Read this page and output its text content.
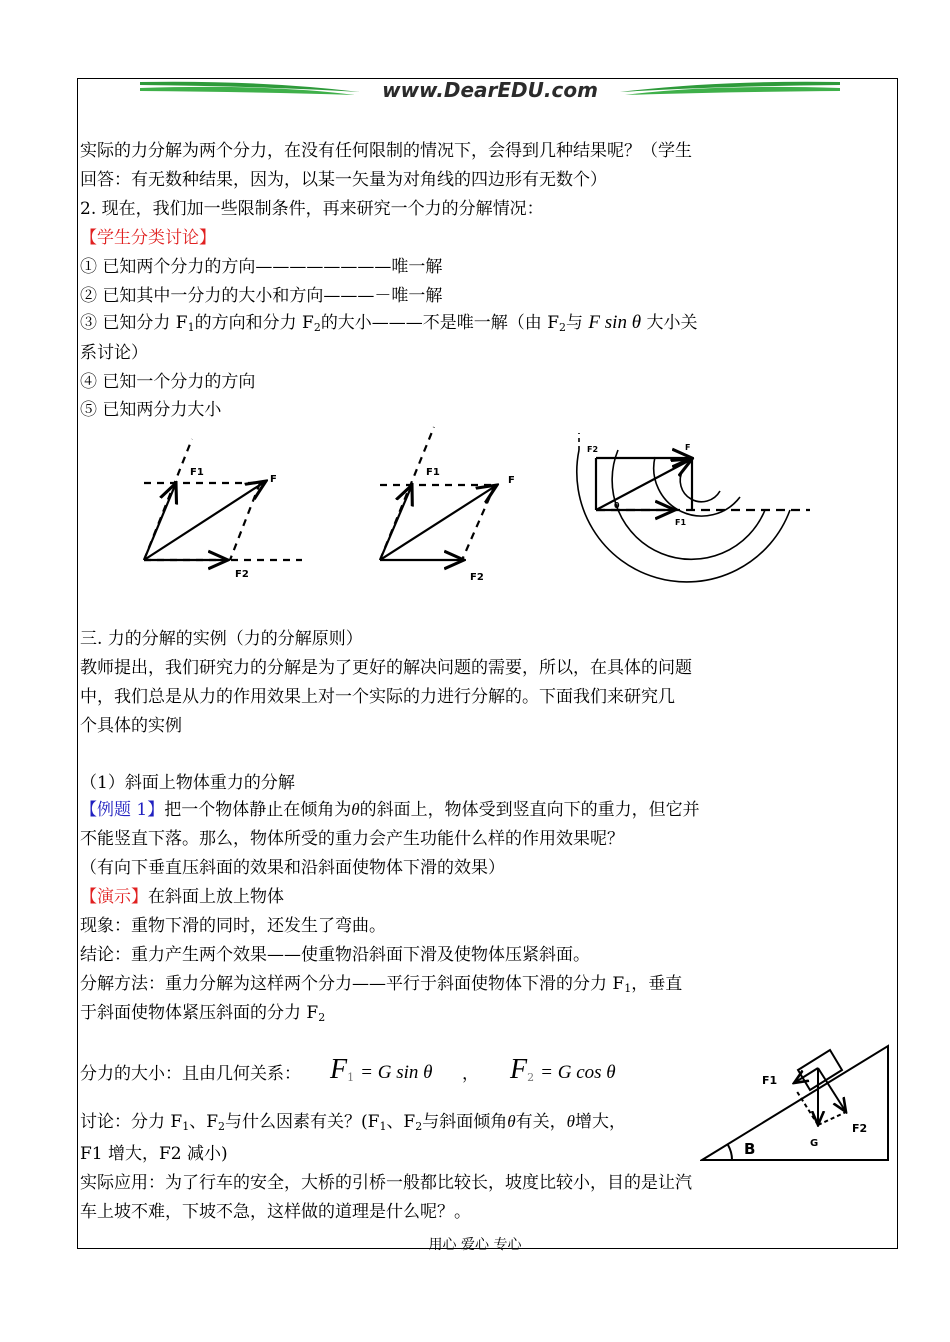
www.DearEDU.com
实际的力分解为两个分力，在没有任何限制的情况下，会得到几种结果呢？（学生
回答：有无数种结果，因为，以某一矢量为对角线的四边形有无数个）
2. 现在，我们加一些限制条件，再来研究一个力的分解情况：
【学生分类讨论】
① 已知两个分力的方向————————唯一解
② 已知其中一分力的大小和方向———－唯一解
③ 已知分力 $F_1$的方向和分力 $F_2$的大小———不是唯一解（由 $F_2$与 F sin θ 大小关
系讨论）
④ 已知一个分力的方向
⑤ 已知两分力大小
F1
F
F2
F1
F
F2
F2	F
F1
θ
三. 力的分解的实例（力的分解原则）
教师提出，我们研究力的分解是为了更好的解决问题的需要，所以，在具体的问题
中，我们总是从力的作用效果上对一个实际的力进行分解的。下面我们来研究几
个具体的实例
（1）斜面上物体重力的分解
【例题 1】把一个物体静止在倾角为θ的斜面上，物体受到竖直向下的重力，但它并
不能竖直下落。那么，物体所受的重力会产生功能什么样的作用效果呢？
（有向下垂直压斜面的效果和沿斜面使物体下滑的效果）
【演示】在斜面上放上物体
现象：重物下滑的同时，还发生了弯曲。
结论：重力产生两个效果——使重物沿斜面下滑及使物体压紧斜面。
分解方法：重力分解为这样两个分力——平行于斜面使物体下滑的分力 $F_1$，垂直
于斜面使物体紧压斜面的分力 $F_2$
分力的大小：且由几何关系： $F_1 = G$ sin θ ， $F_2 = G$ cos θ
讨论：分力 $F_1$、$F_2$与什么因素有关？($F_1$、$F_2$与斜面倾角θ有关，θ增大，
F1 增大，F2 减小)
实际应用：为了行车的安全，大桥的引桥一般都比较长，坡度比较小，目的是让汽
车上坡不难，下坡不急，这样做的道理是什么呢？。
F1
F2
G
B
用心 爱心 专心
